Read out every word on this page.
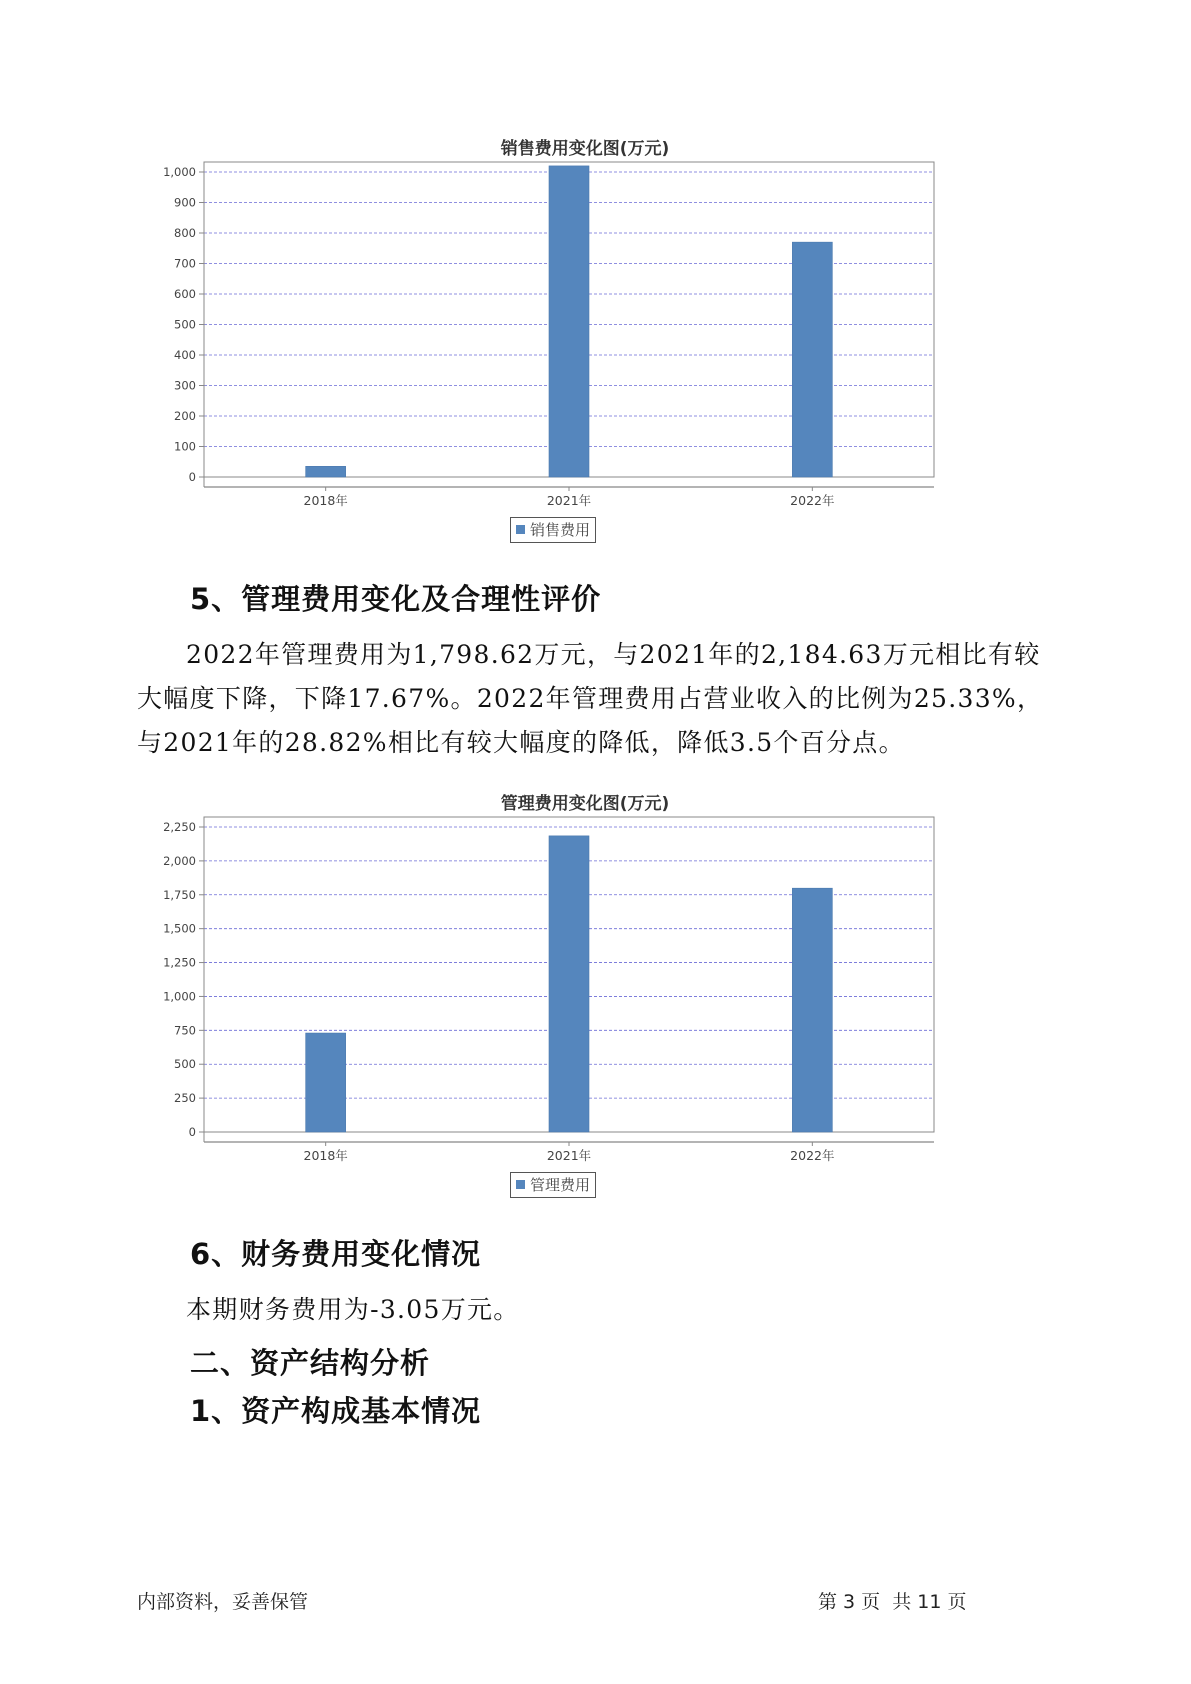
销售费用变化图(万元)
0
100
200
300
400
500
600
700
800
900
1,000
2018年	2021年	2022年
销售费用
5、管理费用变化及合理性评价

2022年管理费用为1,798.62万元，与2021年的2,184.63万元相比有较

大幅度下降，下降17.67%。2022年管理费用占营业收入的比例为25.33%，

与2021年的28.82%相比有较大幅度的降低，降低3.5个百分点。

管理费用变化图(万元)
0
250
500
750
1,000
1,250
1,500
1,750
2,000
2,250
2018年	2021年	2022年
管理费用
6、财务费用变化情况

本期财务费用为-3.05万元。

二、资产结构分析
1、资产构成基本情况
内部资料，妥善保管	第 3 页  共 11 页
